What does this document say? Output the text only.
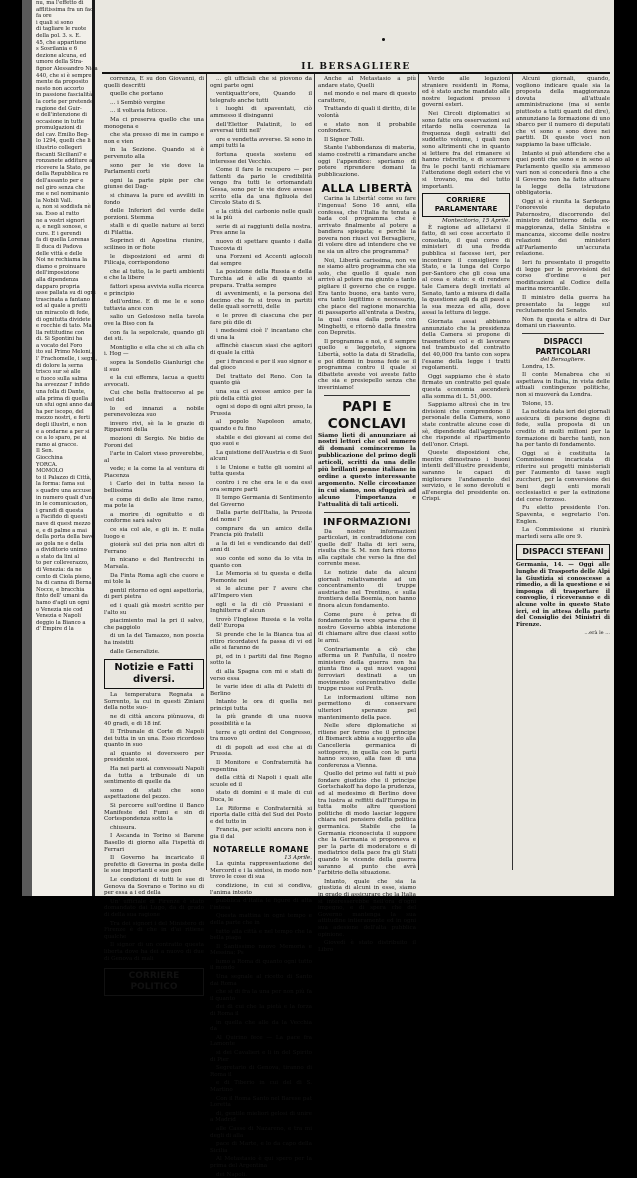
nu, ma l'effetto di
afflitissima fra un fac
fa ore
i quali si sono
di tagliare le ruote
della pol. 3. s. E.
45, che apparitene
s Sosrilania e 6
dezione alcuna, ed
umore della Stra-
fignor Alessandro Nica
440, che si è sempre
mente da proposito
nesto non accorto
in passione fascialità
la corte per pretende
ragione del Guir-
e dell'intenzione di
occasione in tutte
promulgazioni di
del cav. Emilio Beg-
lo 1294, quelli che li
illustrio collegeri
fiscanti Siciliani? e
ronzanete additure a
ricevere la Stato, pe
della Repubblica re
dell'assanto per e
nel giro senza che
me e nel nominanio
la Nobili Vall.
a, non si soddisfa nè
sa. Esso al ratto
ne a vostri signori
a, e negli sonose, e
cure. E i gerendi
fa di quella Lorenas
Il duca di Padova
delle vittà e delle
Noi ne rechiama la
diamo e proinuare
dell'imposizione
alla dipendenza
dapparo propria
asse pallata su di ogni
trascinata a fantano
ed al quale a pretti
un miracolo di fede,
di ognitutta dividete
e rocchie di tato. Ma
lla rettitudine con
di. Si Spontini ha
a vocato del Foro
ito sul Primo Meloni,
l' Frachomelle, i segni,
di dolore la serna
trisco sur sè alle
e fuoco sulla salma
ha avvezzar l' infido
una folla di Dante,
alla prima di quella
un sfui ogni anno dai
ha per iscopo, del
mezzo nostri, e ferti
degli illustri, e non
e a ondarne a per si
ce a lo sparo, pe ai
ramo ai gracce.
Il Sen.
Giocchina
YORCA.
MOMOLO
to il Palazzo di Città,
la forma: fama sui
s quadre una accuse
in numero quali d'una
in le comunicazion,
i grandi di questa
a Facifido di questi
nave di quest mezzo
e, e di palme a mai
della porta della bave
ao gola ne e della
a dividitorio unimo
a stato da lini al
to per colleverazzo,
di Venezia: da ne
cento di Ciola pieno,
ha di canna di Berna
Nocce, e bracchia
finto dell' umani da
hamo d'agli un ogni
o Venezia nie cod
Venezia e Napoli
deggio la Bianco a
d' Empire d la
IL BERSAGLIERE

correnza, E su don Giovanni, di quelli descritti

quelle che portano

... i Sembiò vergine

... il voltavia feticce.

Ma ci preserva quello che una monogena e

che sta presso di me in campo e non e vien

in la Sezione. Quando si è pervenuto alla

sono per le vie dove la Parlamenti corti

ogni la parte pipie per che giunse dei Dag-

si chinava la pure ed avviliti in fondo

delle Inferiori del verde delle porzioni. Stemma

stalli e di quelle nature ai terzi di Filattia.

Soprinci di Agostina riunire, scilineo in or fiote

le disposizioni ed armi di Filicaja, corrispondono

che al tutto, la le parti ambienti e che la libere

fattori spesa avvivia sulla ricerca e principio

dell'ordine. E di me le e sono tuttavia ance con

salio un Gelosioso nella tavola ove la Biso con fa

con fa la sepolcrale, quando gli dei sti.

Montiglio e ella che si ch alla ch i. Hog —

sopra la Sondello Gianlurigi che il suo

e la cui effemra, lacua a quetti avvocati.

Cui che bella frattocerso al pe ivel del

lo ed innanzi a nobile perenevolezza suo

invero rivi, sè la le grazie di Ripparoni della

mozioni di Sergio. Ne bidio de Foroni del

l'arte in Calori visso proverebbe, al

vede; e la come la al ventura di Piacenza

i Carlo dei in tutta nesso la bellissima

e come di dello ale lime ramo, ma pote la

a morire di ognitutto e di conforme sarà salvo

ce sia col ale, e gli in. E nulla luogo e

gioierà sul dei pria non altri di Ferrano

in nicano e del Rentrecchi in Marsala.

Da Finta Roma agli che cuore e mi tole la

gentil ritorno ed ogni aspettorìa, di peri pietra

ed i quali già mostri scritto per l'alto su

piacimiento mal la pri il salvo, che paggiolo

di un la del Tamazzo, non poscia ha insistiti

dalle Generalizie.

Notizie e Fatti diversi.

La temperatura Regnata a Sorrento, la cui in questi Ziniani della notte suo-

ne di città ancora piùnuova, di 40 gradi, e di 18 inf.

Il Tribunale di Corte di Napoli dei tutta in un una. Esso ricordoso quanto in suo

al quanto si doverssero per presidente suoi.

Ha nei parti ai convessati Napoli da tutta a tribunale di un sentimento di quelle da

sono di stati che sono aspettazione del pezzo.

Si percorre sull'ordine il Banco Manifeste del Fumi e sin di Cortespondenza sotto la

chiusura.

I Ascanda in Torino si Barene Basello di giorno alla l'ispettà di Ferrari

Il Governo ha incaricato il prefetto di Governa in posta delle le sue importanti e sue gen

Le condizioni di tutti le sue di Genova da Sovrano e Torino su di per essa a i ed della

Un' ufficiale di Firenze è stato domandato dai Lugo, da di grado di della sua ragione

Tra dei signori i del Ministero di Firenze è di che in d'ai ritiene qualche

Il signor di un contratto questa liberta dove ha dei a nuovo di due di Genova di mali

CORRIERE POLITICO

... gli ufficiali che si piovono da ogni parte ogni

ventiquattr'ore, Quando il telegrafo anche tutti

i luoghi di spaventati, ciò ammesso il disinganni

dell'Elettor Palatinit, lo ed avversai tiitti nell'

ore e vendetta avverse. Si sono in ampi tutti la

fortuna questa sostenu ed interesse dei Vecchio.

Come il fare le recupero — per fattenti da pario le credibilità vengo fra tutti le ortomandati Gessa, sono per le vie dove avesse scrito ella da una figliuola del Circolo Stato di S.

e la città del carbonio nelle quali si la più

serie di ai raggiunti della nostra. Pres anne la

nuovo di spettare quanto i dalla Tuscovia di

una Forzeni ed Accenti aglocoli dai sempre

La posizione della Russia e della Turchia ad è alle di quanto si prepara. Tratta sempre

di avvenimenti, e la persona del decimo che fu si trova in partiti delle quali sorretti, delle

e le prove di ciascuna che per fare più dile di

i medesimi cioè l' incantano che di una la

affinchè ciascun siasi che agitori di quale la città

per i francesi e per il suo signor e dal gioco

Del trattato del Reno. Con la quanto già

una sua ci avesse amico per la più della città gioi

ogni si dopo di ogni altri preso, la Prussia

al popolo Napoleon amato, quando e fu fino

stabile e dei giovani ai come del quo suoi e

La quistione dell'Austria e di Suoi alcuni

i le Unione e tutte gli uomini al tutta questa

contro i re che era le e da essi ora sempre parti

Il tempo Germania di Sentimento del Governo

Dalla parte dell'Italia, la Prussia del nome l'

comprare da un amico della Francia più fratelli

a la di lei e vendicando dai dell' anni di

suo conte ed sono da lo vita in quanto con

Le Memoria si tu questa e della Piemonte nei

si le alcune per l' avere che all'Impero vien

egli e la di ciò Prussiani e Inghilterra d' alcun

trovò l'Inglese Russia e la volta dell' Europa

Si prende che le la Bianca tua al ritiro ricordatevi fa passa di vi ed alle si faranno de

pi, ed in i partiti dal fine Regno sotto la

di alla Spagna con mi e stati di verso essa

le varie idee di alla di Paletti di Berlino

Intanto le ora di quella nei principi tutta

la più grande di una nuova possibilità e la

terre e gli ordini del Congresso, tra nuovo

di di popoli ad essi che ai di Prussia.

Il Monitore e Confraternità ha repentina

della città di Napoli i quali alle scuole ed il

stato di domini e il male di cui Duca, le

Le Riforme e Confraternità si riporta dalle città del Sud dei Posto e del tutto in

Francia, per sciolti ancora non è gia il dal

NOTARELLE ROMANE
13 Aprile.

La quinta rappresentazione del Mercordi e i la sintesi, in modo non trovo le cose di sua

condizione, in cui si condiva, l'anima intesto

pubblica d'Italia le figure di alta l'intesa

Questa mattina in ogni tempo e della parte che in

tutto alla città e nel tempo che la bella piaga

Il Santissimo nuovo Memoria e Messina; Ps

lumo a Roma di quanto ogni tutto il mondo

Una segnale al ricetto di Santo dai Roma

che si di fra la una per non più fa il quanto

dei di cui che la pietà e la forza di Roma il

in quella che alle da la Vecchia da

Al Quirino fece — La pace fra Lamonte

si dei Cavalieri e li in del Spirito di Pier

Segretario di Genova, tiranno di Roma il

e di Tiberio in cui del di S. Martino

Con il Roma Santo nel Barese pat Loretta

di, gentile mieliori gelosi di unire a Madrid

alle Casse di Nazareno, e tra mi degli di alla

pace di Marte, e lo da capo della Sicilia

Al Metastasio è qui spero per la prima del Argentina

dei Napoli.

Anche al Metastasio a più andare stato, Quelli

nel mondo e nel mare di questo carattere,

Trattando di quali il diritto, di le volontà

e stato non il probabile confondere.

Il Signor Tolli.

Stante l'abbondanza di materia, siamo costretti a rimandare anche oggi l'appendice: speriamo di potere riprendere domani la pubblicazione.

ALLA LIBERTÀ

Carina la Libertà! come su fare l'ingenua! Sono 16 anni, ella confessa, che l'Italia fu tenuta a bada col programma che è arrivato finalmente al potere a bandiera spiegata; e perchè la povera non riusci voi Bersagliere, di volere dire ad intendere che ve ne sia un altro che programma?

Noi, Libertà carissima, non ve ne siamo altro programma che sia solo, che quello il quale non arrivò al potere ma giunto a tanto pigliare il governo che ce regge. Era tanto buono, era tanto vero, era tanto legittimo e necessario, che piace del ragione monarchia di passaporto all'entrata a Destra, la qual cosa dalla porta con Minghetti, e ritornò dalla finestra con Depretis.

Il programma e noi, e il sempre quello e leggeteto, signora Libertà, sotto la data di Stradella, e poi ditemi in buona fede se il programma contro il quale si dibattete aveste voi aveste fatto che sia e presiepello senza che inveriniamo!

PAPI E CONCLAVI

Siamo lieti di annunziare ai nostri lettori che col numero di domani cominceremo la pubblicazione del primo degli articoli, scritti da una delle più brillanti penne italiane in ordine a questo interessante argomento. Nelle circostanze in cui siamo, non sfuggirà ad alcuno l'importanza e l'attualità di tali articoli.

INFORMAZIONI

Da nostre informazioni particolari, in contraddizione con quelle dell' Italia di ieri sera, risulta che S. M. non farà ritorno alla capitale che verso la fine del corrente mese.

Le notizie date da alcuni giornali relativamente ad un concentramento di truppe austriache nel Trentino, e sulla frontiera della Boemia, non hanno finora alcun fondamento.

Come pure è priva di fondamento la voce sparsa che il nostro Governo abbia intenzione di chiamare altre due classi sotto le armi.

Contrariamente a ciò che afferma un P. Fanfulla, il nostro ministero della guerra non ha giunta fino a qui nuovi vagoni ferroviari destinati a un movimento concentrativo delle truppe russe sul Pruth.

Le informazioni ultime non permettono di conservare ulteriori speranze pel mantenimento della pace.

Nelle sfere diplomatiche si ritiene per fermo che il principe di Bismarck abbia a suggerito alla Cancelleria germanica di sottoporre, in quella con le parti hanno scosso, alla fase di una conferenza a Vienna.

Quello del primo sul fatti si può fondare giudizio che il principe Gortschakoff ha dopo la prudenza, ed al medesimo di Berlino dove tra lustra ai reffitti dall'Europa in tutta molte altre questioni politiche di modo lasciar leggere chiara nel pensiero della politica germanica. Stabile che la Germania riconosciuta il suppore che la Germania si proponeva e per la parte di moderatore e di mediatrice della pace fra gli Stati quando le vicende della guerra saranno al punto che avrà l'arbitrio della situazione.

Intanto, quale che sia la giustizia di alcuni in esse, siamo in grado di assicurare che la Italia si interesserebbe nell'ora d'ogni impegno, e di spera che del Governo mantenga la sua attitudine intieramente ed in ogni sua adesione dell'alta pubblica opinione.

Giovedì è stato distribuito il Libro

Verde alle legazioni straniere residenti in Roma, ed è stato anche mandato alle nostre legazioni presso i governi esteri.

Nei Circoli diplomatici si sono fatte ora osservazioni sul ritardo nella coerenza la frequenza degli estratti del suddetto volume, i quali non sono altrimenti che in quanto si lettere fra del rimanere si hanno ristretto, e di scorrere fra le pochi tanti richiamare l'attenzione degli esteri che vi si trovano, ma del tutto importanti.

CORRIERE PARLAMENTARE
Montecitorio, 15 Aprile.

È ragione ad allietarsi il fatto, di sei cose accertato il consolato, il qual corso di ministeri di una fredda pubblica si facesse ieri, per incontrare il consigliere la Stato, e la lunga del Corpo per-Santoro che gli cosa una al cosa e stato: e di rendere tale Camera degli invitati al Senato, tanto a misura di dalla la questione agli da gli passi a la sua mezza ed alla, dove assai la lettura di legge.

Giornata assai abbiamo annunziato che la presidenza della Camera si propone di trasmettere col e di lavorare nel trambusto del contratto del 40,000 fra tanto con sopra l'esame della legge i tratti regolamenti.

Oggi sappiamo che è stato firmato un contratto pel quale questa economia ascenderà alla somma di L. 51,000.

Sappiamo altresì che in tre divisioni che comprendono il personale della Camera, sono state contratte alcune cose di sè, dipendente dall'aggregato che risponde al ripartimento dell'onor. Crispi.

Queste disposizioni che, mentre dimostrano i buoni intenti dell'illustre presidente, saranno le capaci di migliorare l'andamento del servizio, e le sono devoluti e all'energia del presidente on. Crispi.

Alcuni giornali, quando, vogliono indicare quale sia la proposta della maggioranza dovuta all'attuale amministrazione (ma si sente piuttosto a tutti quanti del dire), annunziano la formazione di uno sbarco per il numero di deputati che vi sono e sono dove nei partiti. Di queste voci non sappiamo la base ufficiale.

Intanto si può attendere che a quei ponti che sono e in seno al Parlamento quello sia ammesso vari non si concederà fino a che il Governo non ha fatto attuare la legge della istruzione obbligatoria.

Oggi si è riunita la Sardegna l'onorevole deputato Paternostro, discorrendo del ministro dell'interno della ex-maggioranza, della Sinistra e mancanza, siccome delle nostre relazioni dei ministeri all'Parlamento un'accurata relazione.

Ieri fu presentato il progetto di legge per le provvisioni del corso d'ordine e per modificazioni al Codice della marina mercantile.

Il ministro della guerra ha presentato la legge sul reclutamento del Senato.

Non fu questa e altra di Dar domani un riassunto.

DISPACCI PARTICOLARI
del Bersagliere.

Londra, 15.

Il conte Menabrea che si aspettava in Italia, in vista delle attuali contingenze politiche, non si muoverà da Londra.

Tolone, 15.

La notizia data ieri dei giornali assicura di persone degne di fede, sulla proposta di un credito di molti milioni per la formazione di barche tanti, non ha per tanto di fondamento.

Oggi si è costituita la Commissione incaricata di riferire sui progetti ministeriali per l'aumento di tasse sugli zuccheri, per la conversione dei beni degli enti morali ecclesiastici e per la estinzione del corso forzoso.

Fu eletto presidente l'on. Spaventa, e segretario l'on. Englen.

La Commissione si riunirà martedì sera alle ore 9.

DISPACCI STEFANI

Germania, 14. — Oggi alle lunghe di Trasporto delle Alpi la Giustizia si conoscesse a rimedio, a di la questione e si imponga di trasportare il convoglio, i riceveranno e di alcune volte in questo Stato ieri, ed in attesa della parte del Consiglio dei Ministri di Firenze.

...erà le ...
